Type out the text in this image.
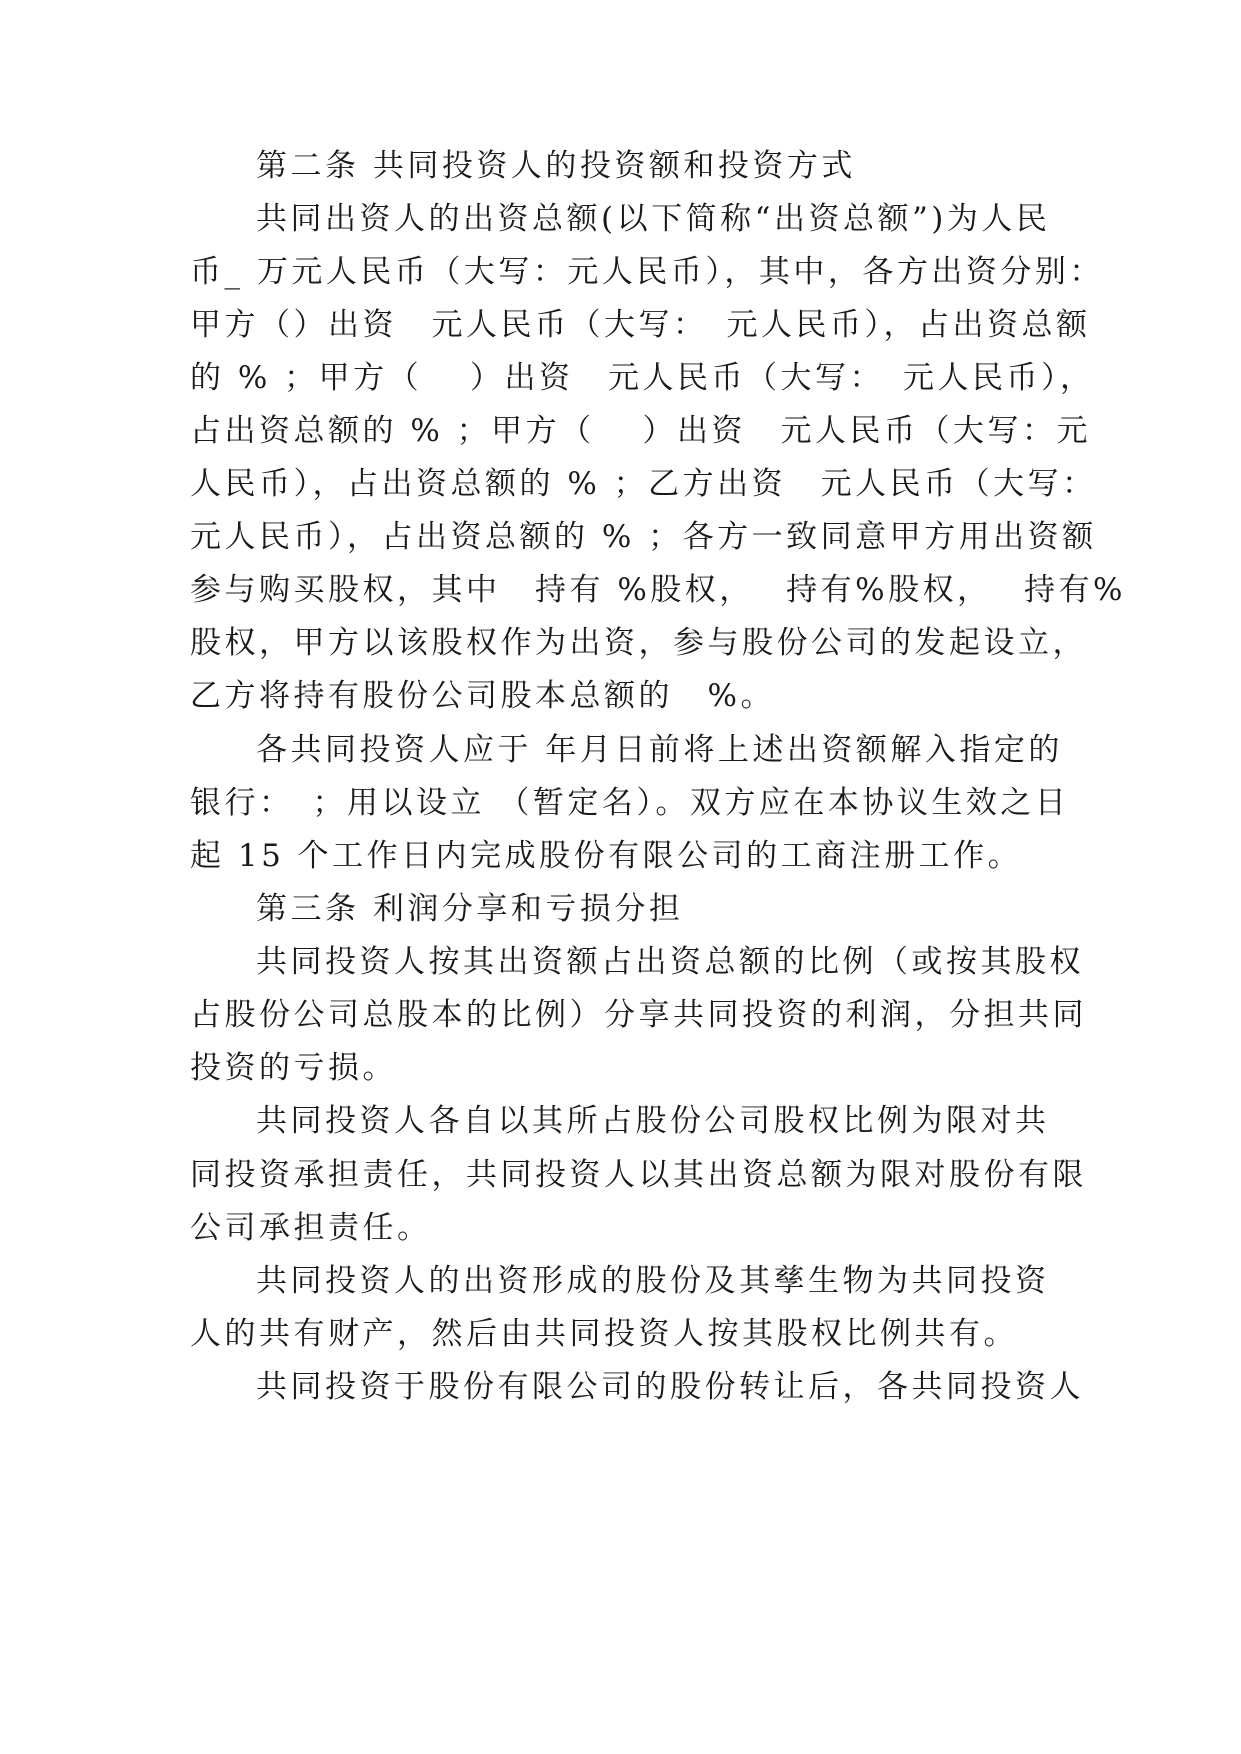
第二条 共同投资人的投资额和投资方式
共同出资人的出资总额(以下简称“出资总额”)为人民
币_ 万元人民币（大写：元人民币），其中，各方出资分别：
甲方（）出资　元人民币（大写：　元人民币），占出资总额
的 % ；甲方（　 ）出资　元人民币（大写：　元人民币），
占出资总额的 % ；甲方（　 ）出资　元人民币（大写：元
人民币），占出资总额的 % ；乙方出资　元人民币（大写：
元人民币），占出资总额的 % ；各方一致同意甲方用出资额
参与购买股权，其中　持有 %股权，　 持有%股权，　 持有%
股权，甲方以该股权作为出资，参与股份公司的发起设立，
乙方将持有股份公司股本总额的　%。
各共同投资人应于 年月日前将上述出资额解入指定的
银行：　；用以设立 （暂定名）。双方应在本协议生效之日
起 15 个工作日内完成股份有限公司的工商注册工作。
第三条 利润分享和亏损分担
共同投资人按其出资额占出资总额的比例（或按其股权
占股份公司总股本的比例）分享共同投资的利润，分担共同
投资的亏损。
共同投资人各自以其所占股份公司股权比例为限对共
同投资承担责任，共同投资人以其出资总额为限对股份有限
公司承担责任。
共同投资人的出资形成的股份及其孳生物为共同投资
人的共有财产，然后由共同投资人按其股权比例共有。
共同投资于股份有限公司的股份转让后，各共同投资人
